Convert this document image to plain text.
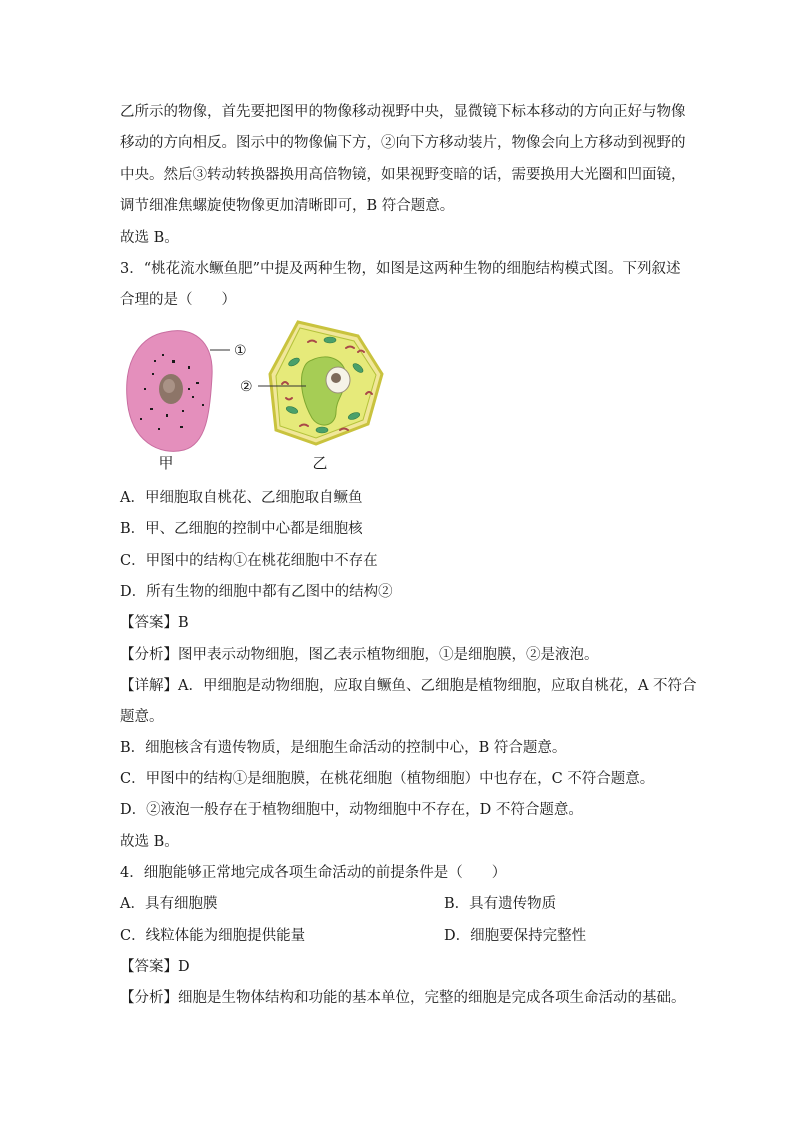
乙所示的物像，首先要把图甲的物像移动视野中央，显微镜下标本移动的方向正好与物像
移动的方向相反。图示中的物像偏下方，②向下方移动装片，物像会向上方移动到视野的
中央。然后③转动转换器换用高倍物镜，如果视野变暗的话，需要换用大光圈和凹面镜，
调节细准焦螺旋使物像更加清晰即可，B 符合题意。
故选 B。
3．“桃花流水鳜鱼肥”中提及两种生物，如图是这两种生物的细胞结构模式图。下列叙述
合理的是（　　）
A．甲细胞取自桃花、乙细胞取自鳜鱼
B．甲、乙细胞的控制中心都是细胞核
C．甲图中的结构①在桃花细胞中不存在
D．所有生物的细胞中都有乙图中的结构②
【答案】B
【分析】图甲表示动物细胞，图乙表示植物细胞，①是细胞膜，②是液泡。
【详解】A．甲细胞是动物细胞，应取自鳜鱼、乙细胞是植物细胞，应取自桃花，A 不符合
题意。
B．细胞核含有遗传物质，是细胞生命活动的控制中心，B 符合题意。
C．甲图中的结构①是细胞膜，在桃花细胞（植物细胞）中也存在，C 不符合题意。
D．②液泡一般存在于植物细胞中，动物细胞中不存在，D 不符合题意。
故选 B。
4．细胞能够正常地完成各项生命活动的前提条件是（　　）
A．具有细胞膜	B．具有遗传物质
C．线粒体能为细胞提供能量	D．细胞要保持完整性
【答案】D
【分析】细胞是生物体结构和功能的基本单位，完整的细胞是完成各项生命活动的基础。
①
甲
②
乙
